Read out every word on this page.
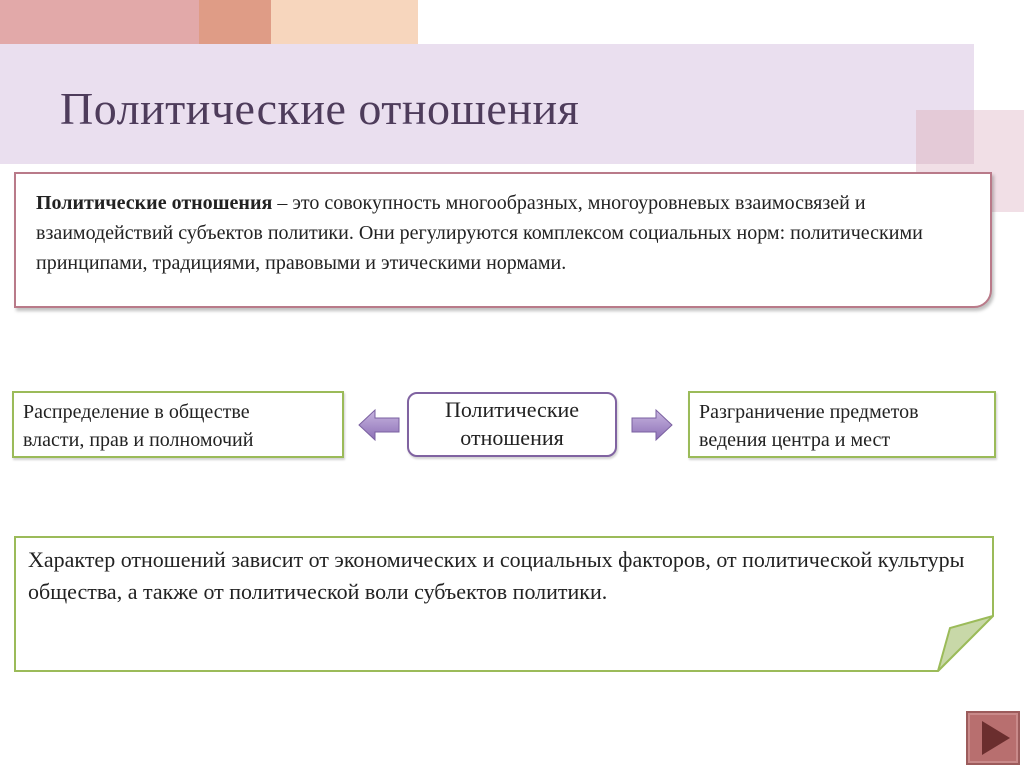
Политические отношения
Политические отношения – это совокупность многообразных, многоуровневых взаимосвязей и взаимодействий субъектов политики. Они регулируются комплексом социальных норм: политическими принципами, традициями, правовыми и этическими нормами.
Распределение в обществе
власти, прав и полномочий
Политические
отношения
Разграничение предметов
ведения центра и мест

Характер отношений зависит от экономических и социальных факторов, от политической культуры общества, а также от политической воли субъектов политики.
